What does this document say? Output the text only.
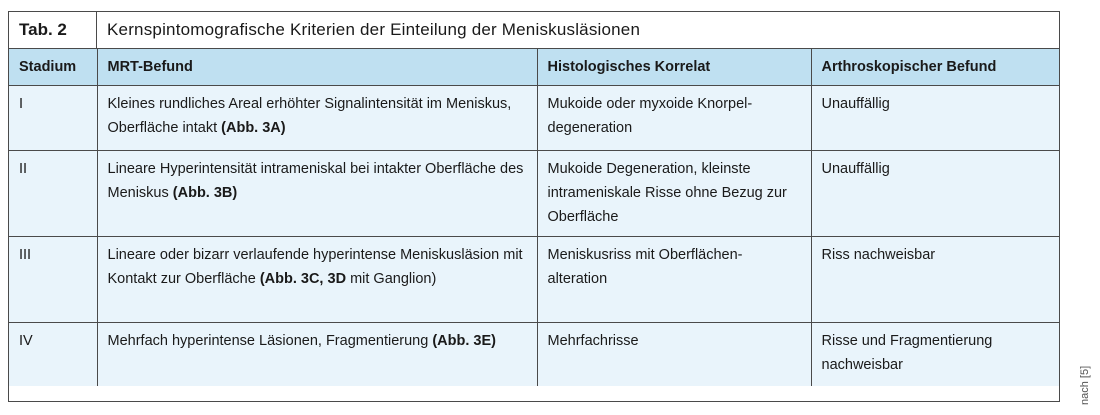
Tab. 2	Kernspintomografische Kriterien der Einteilung der Meniskusläsionen
Stadium	MRT-Befund	Histologisches Korrelat	Arthroskopischer Befund
I	Kleines rundliches Areal erhöhter Signalintensität im Meniskus, Oberfläche intakt (Abb. 3A)	Mukoide oder myxoide Knorpel-degeneration	Unauffällig
II	Lineare Hyperintensität intrameniskal bei intakter Oberfläche des Meniskus (Abb. 3B)	Mukoide Degeneration, kleinste intrameniskale Risse ohne Bezug zur Oberfläche	Unauffällig
III	Lineare oder bizarr verlaufende hyperintense Meniskusläsion mit Kontakt zur Oberfläche (Abb. 3C, 3D mit Ganglion)	Meniskusriss mit Oberflächen-alteration	Riss nachweisbar
IV	Mehrfach hyperintense Läsionen, Fragmentierung (Abb. 3E)	Mehrfachrisse	Risse und Fragmentierung nachweisbar
nach [5]
